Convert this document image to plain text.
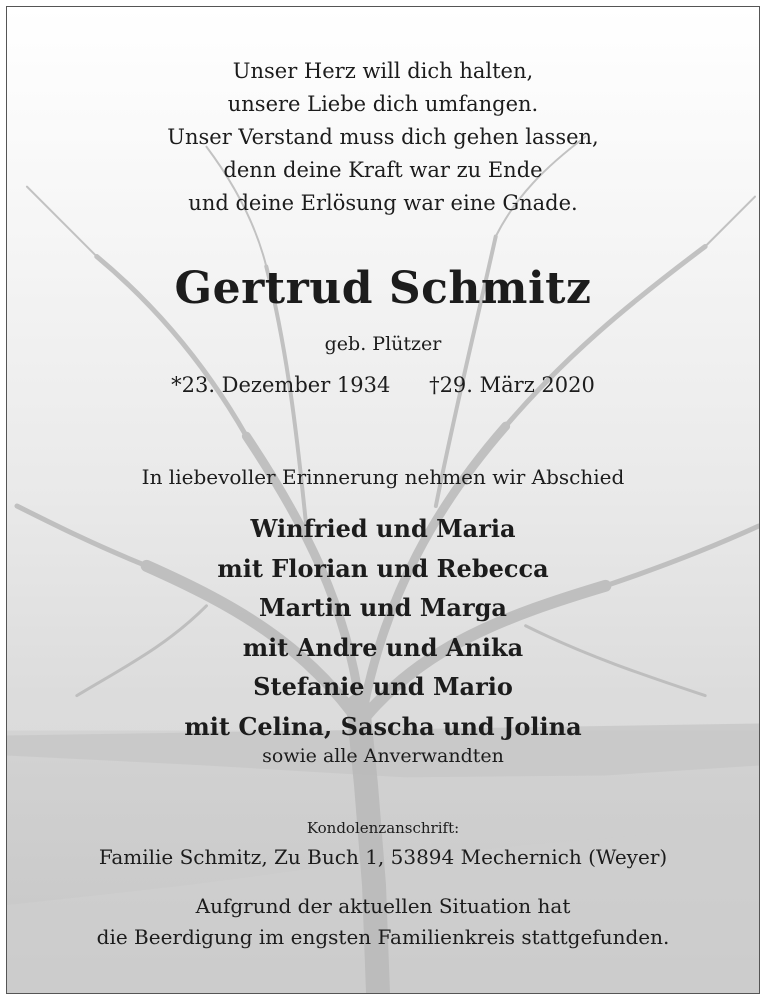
Unser Herz will dich halten,
unsere Liebe dich umfangen.
Unser Verstand muss dich gehen lassen,
denn deine Kraft war zu Ende
und deine Erlösung war eine Gnade.
Gertrud Schmitz
geb. Plützer
*23. Dezember 1934 †29. März 2020
In liebevoller Erinnerung nehmen wir Abschied
Winfried und Maria
mit Florian und Rebecca
Martin und Marga
mit Andre und Anika
Stefanie und Mario
mit Celina, Sascha und Jolina
sowie alle Anverwandten
Kondolenzanschrift:
Familie Schmitz, Zu Buch 1, 53894 Mechernich (Weyer)
Aufgrund der aktuellen Situation hat
die Beerdigung im engsten Familienkreis stattgefunden.
